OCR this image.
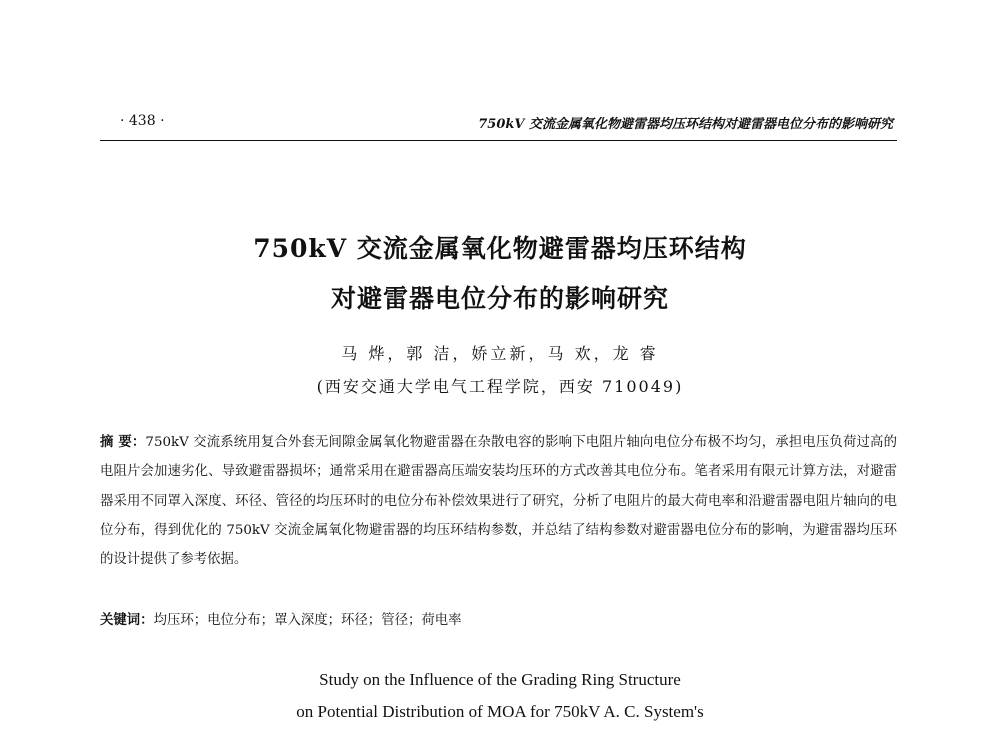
· 438 ·	750kV 交流金属氧化物避雷器均压环结构对避雷器电位分布的影响研究
750kV 交流金属氧化物避雷器均压环结构
对避雷器电位分布的影响研究
马 烨，郭 洁，娇立新，马 欢，龙 睿
(西安交通大学电气工程学院，西安 710049)
摘 要：750kV 交流系统用复合外套无间隙金属氧化物避雷器在杂散电容的影响下电阻片轴向电位分布极不均匀，承担电压负荷过高的电阻片会加速劣化、导致避雷器损坏；通常采用在避雷器高压端安装均压环的方式改善其电位分布。笔者采用有限元计算方法，对避雷器采用不同罩入深度、环径、管径的均压环时的电位分布补偿效果进行了研究，分析了电阻片的最大荷电率和沿避雷器电阻片轴向的电位分布，得到优化的 750kV 交流金属氧化物避雷器的均压环结构参数，并总结了结构参数对避雷器电位分布的影响，为避雷器均压环的设计提供了参考依据。
关键词：均压环；电位分布；罩入深度；环径；管径；荷电率
Study on the Influence of the Grading Ring Structure
on Potential Distribution of MOA for 750kV A. C. System's
